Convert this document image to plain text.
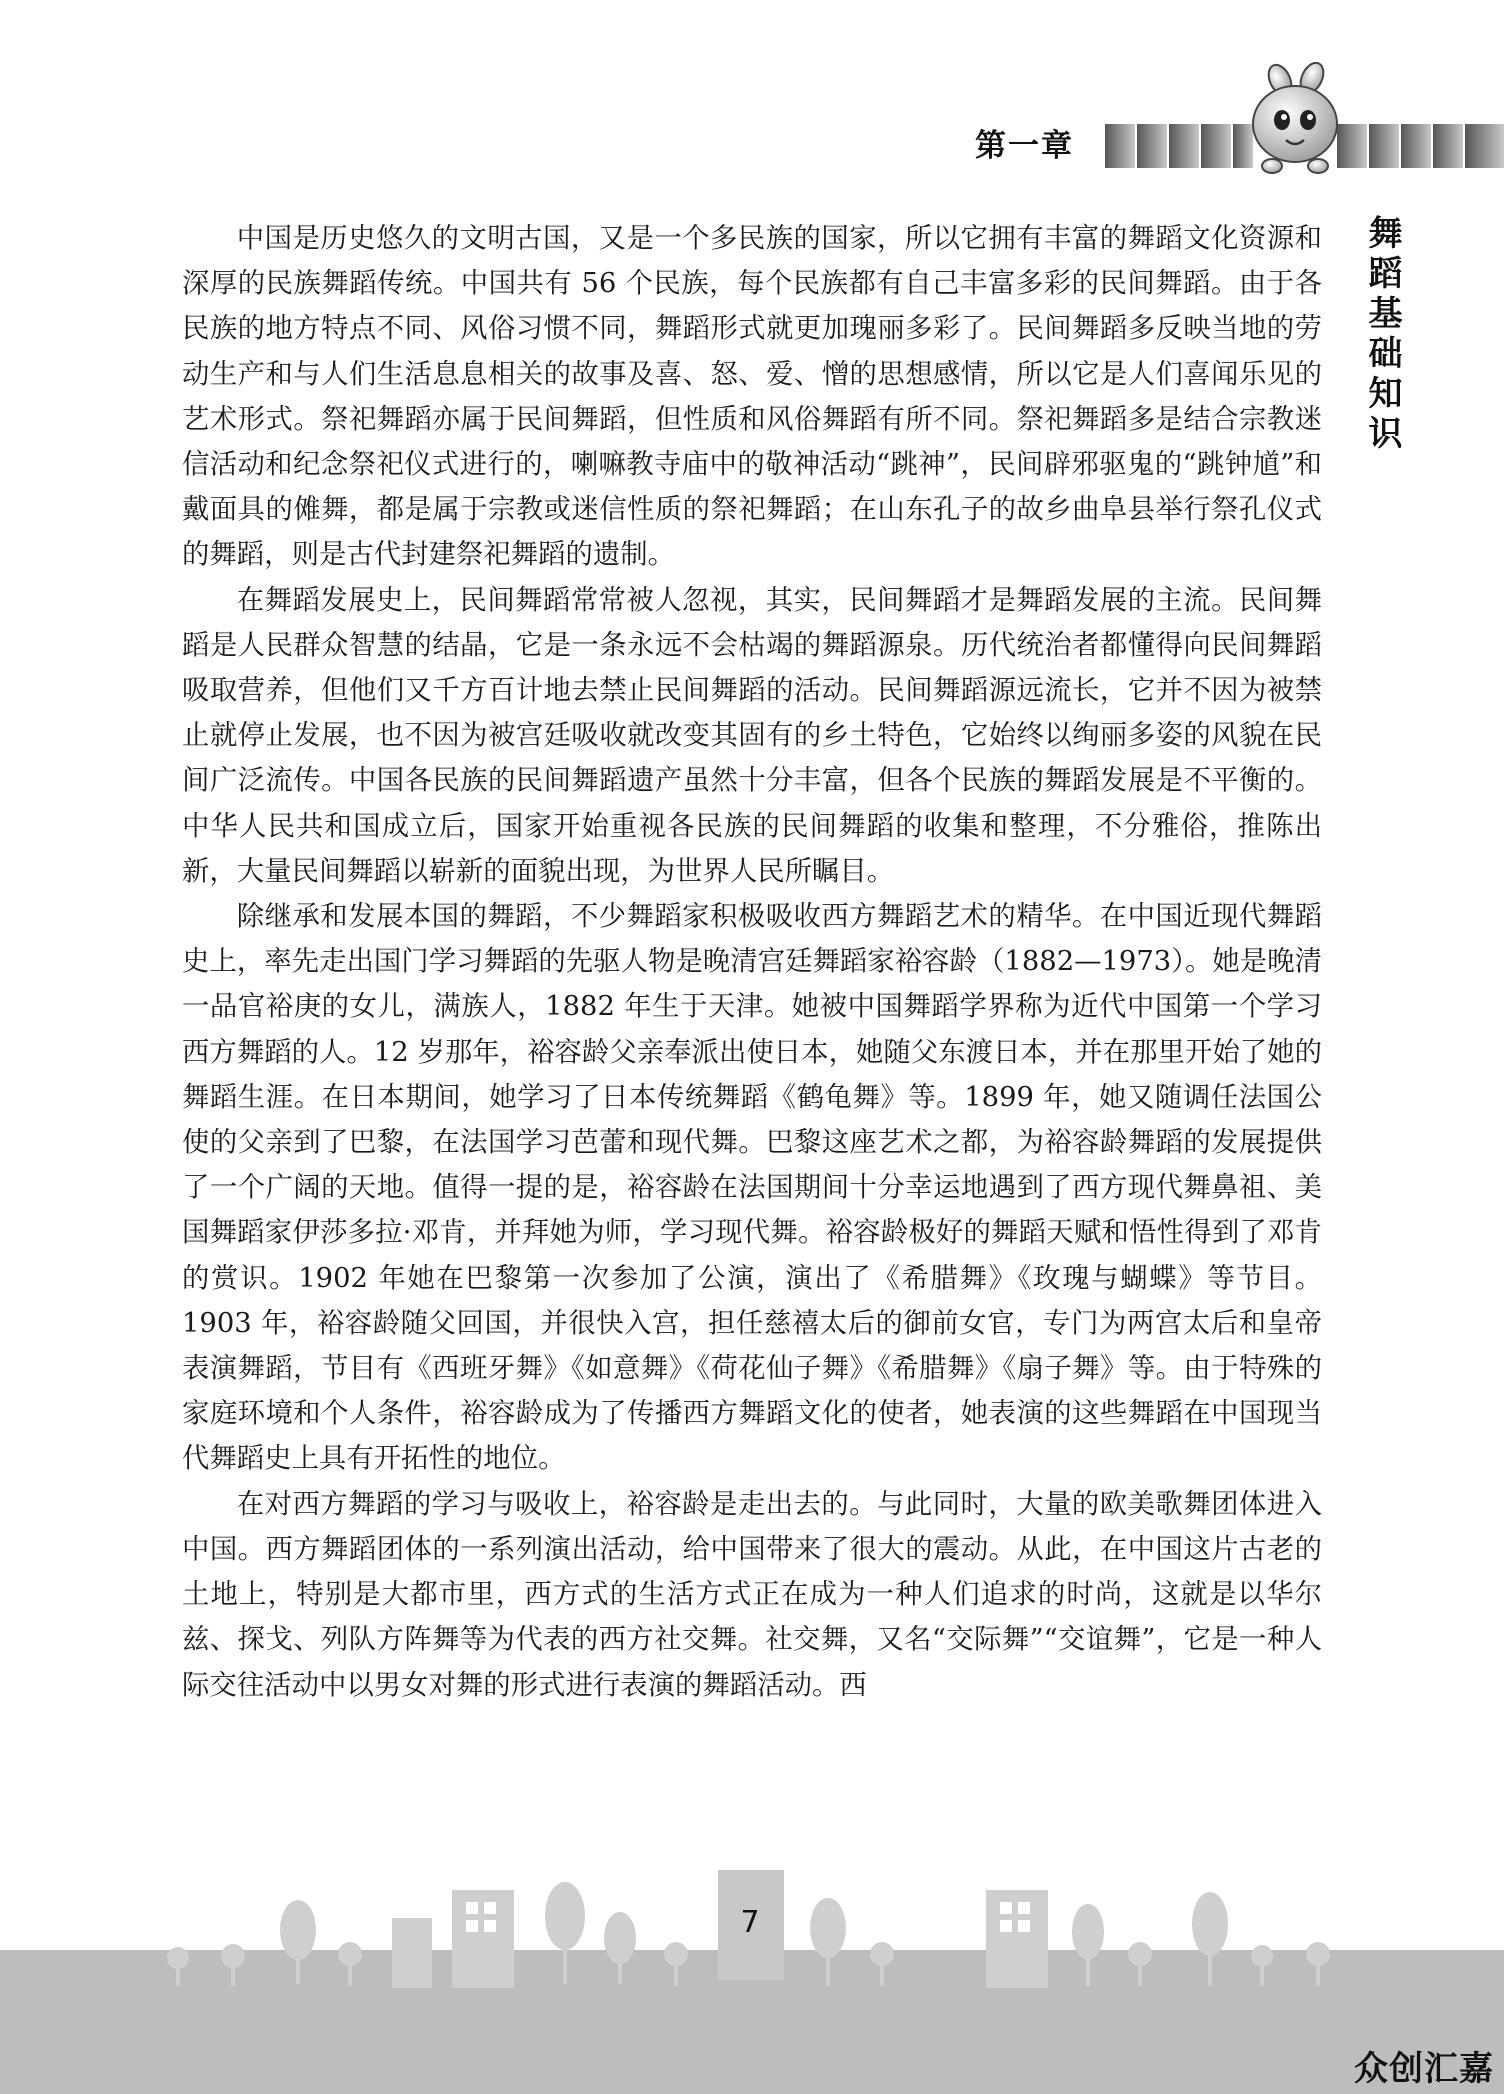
第一章
舞蹈基础知识

中国是历史悠久的文明古国，又是一个多民族的国家，所以它拥有丰富的舞蹈文化资源和深厚的民族舞蹈传统。中国共有 56 个民族，每个民族都有自己丰富多彩的民间舞蹈。由于各民族的地方特点不同、风俗习惯不同，舞蹈形式就更加瑰丽多彩了。民间舞蹈多反映当地的劳动生产和与人们生活息息相关的故事及喜、怒、爱、憎的思想感情，所以它是人们喜闻乐见的艺术形式。祭祀舞蹈亦属于民间舞蹈，但性质和风俗舞蹈有所不同。祭祀舞蹈多是结合宗教迷信活动和纪念祭祀仪式进行的，喇嘛教寺庙中的敬神活动“跳神”，民间辟邪驱鬼的“跳钟馗”和戴面具的傩舞，都是属于宗教或迷信性质的祭祀舞蹈；在山东孔子的故乡曲阜县举行祭孔仪式的舞蹈，则是古代封建祭祀舞蹈的遗制。

在舞蹈发展史上，民间舞蹈常常被人忽视，其实，民间舞蹈才是舞蹈发展的主流。民间舞蹈是人民群众智慧的结晶，它是一条永远不会枯竭的舞蹈源泉。历代统治者都懂得向民间舞蹈吸取营养，但他们又千方百计地去禁止民间舞蹈的活动。民间舞蹈源远流长，它并不因为被禁止就停止发展，也不因为被宫廷吸收就改变其固有的乡土特色，它始终以绚丽多姿的风貌在民间广泛流传。中国各民族的民间舞蹈遗产虽然十分丰富，但各个民族的舞蹈发展是不平衡的。中华人民共和国成立后，国家开始重视各民族的民间舞蹈的收集和整理，不分雅俗，推陈出新，大量民间舞蹈以崭新的面貌出现，为世界人民所瞩目。

除继承和发展本国的舞蹈，不少舞蹈家积极吸收西方舞蹈艺术的精华。在中国近现代舞蹈史上，率先走出国门学习舞蹈的先驱人物是晚清宫廷舞蹈家裕容龄（1882—1973）。她是晚清一品官裕庚的女儿，满族人，1882 年生于天津。她被中国舞蹈学界称为近代中国第一个学习西方舞蹈的人。12 岁那年，裕容龄父亲奉派出使日本，她随父东渡日本，并在那里开始了她的舞蹈生涯。在日本期间，她学习了日本传统舞蹈《鹤龟舞》等。1899 年，她又随调任法国公使的父亲到了巴黎，在法国学习芭蕾和现代舞。巴黎这座艺术之都，为裕容龄舞蹈的发展提供了一个广阔的天地。值得一提的是，裕容龄在法国期间十分幸运地遇到了西方现代舞鼻祖、美国舞蹈家伊莎多拉·邓肯，并拜她为师，学习现代舞。裕容龄极好的舞蹈天赋和悟性得到了邓肯的赏识。1902 年她在巴黎第一次参加了公演，演出了《希腊舞》《玫瑰与蝴蝶》等节目。1903 年，裕容龄随父回国，并很快入宫，担任慈禧太后的御前女官，专门为两宫太后和皇帝表演舞蹈，节目有《西班牙舞》《如意舞》《荷花仙子舞》《希腊舞》《扇子舞》等。由于特殊的家庭环境和个人条件，裕容龄成为了传播西方舞蹈文化的使者，她表演的这些舞蹈在中国现当代舞蹈史上具有开拓性的地位。

在对西方舞蹈的学习与吸收上，裕容龄是走出去的。与此同时，大量的欧美歌舞团体进入中国。西方舞蹈团体的一系列演出活动，给中国带来了很大的震动。从此，在中国这片古老的土地上，特别是大都市里，西方式的生活方式正在成为一种人们追求的时尚，这就是以华尔兹、探戈、列队方阵舞等为代表的西方社交舞。社交舞，又名“交际舞”“交谊舞”，它是一种人际交往活动中以男女对舞的形式进行表演的舞蹈活动。西

7
众创汇嘉
